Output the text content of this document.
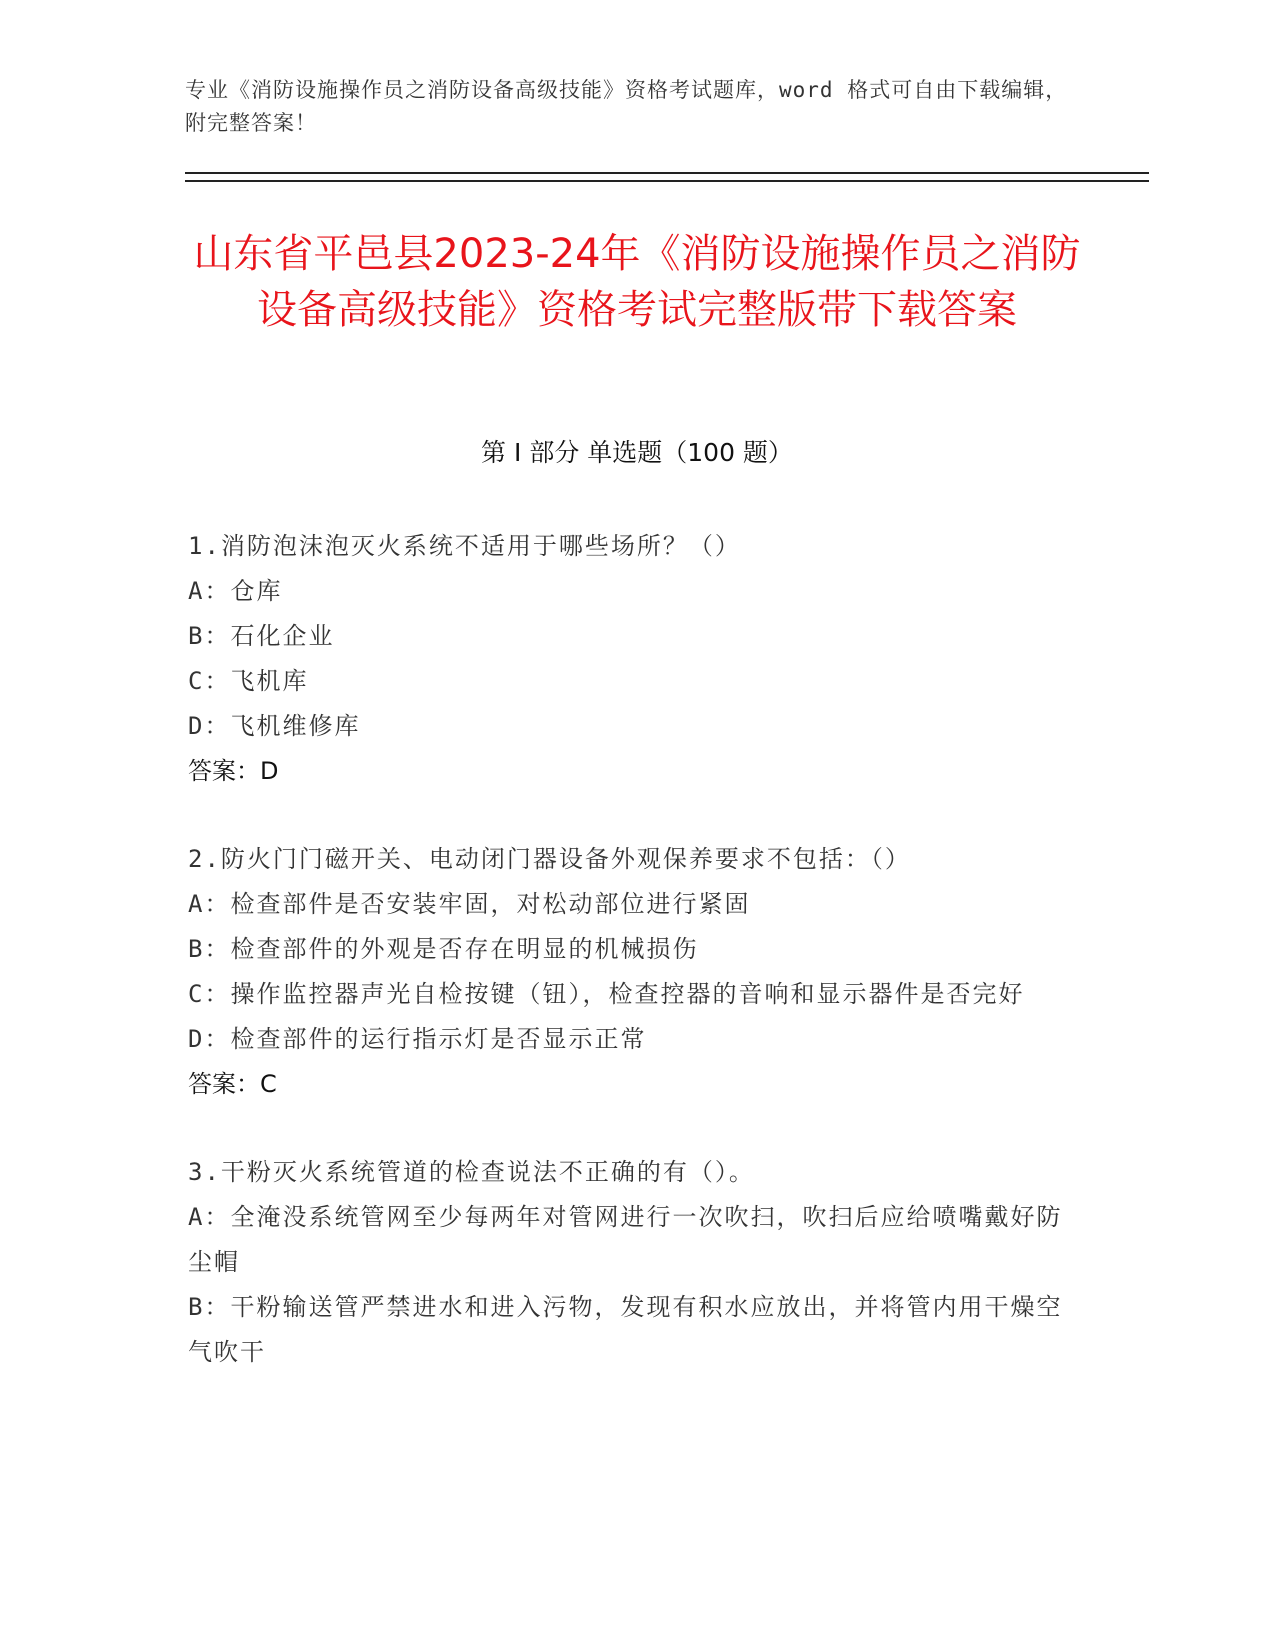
专业《消防设施操作员之消防设备高级技能》资格考试题库，word 格式可自由下载编辑，附完整答案！
山东省平邑县2023-24年《消防设施操作员之消防设备高级技能》资格考试完整版带下载答案
第 I 部分 单选题（100 题）
1.消防泡沫泡灭火系统不适用于哪些场所？（）
A：仓库
B：石化企业
C：飞机库
D：飞机维修库
答案：D
2.防火门门磁开关、电动闭门器设备外观保养要求不包括：（）
A：检查部件是否安装牢固，对松动部位进行紧固
B：检查部件的外观是否存在明显的机械损伤
C：操作监控器声光自检按键（钮），检查控器的音响和显示器件是否完好
D：检查部件的运行指示灯是否显示正常
答案：C
3.干粉灭火系统管道的检查说法不正确的有（）。
A：全淹没系统管网至少每两年对管网进行一次吹扫，吹扫后应给喷嘴戴好防尘帽
B：干粉输送管严禁进水和进入污物，发现有积水应放出，并将管内用干燥空气吹干
